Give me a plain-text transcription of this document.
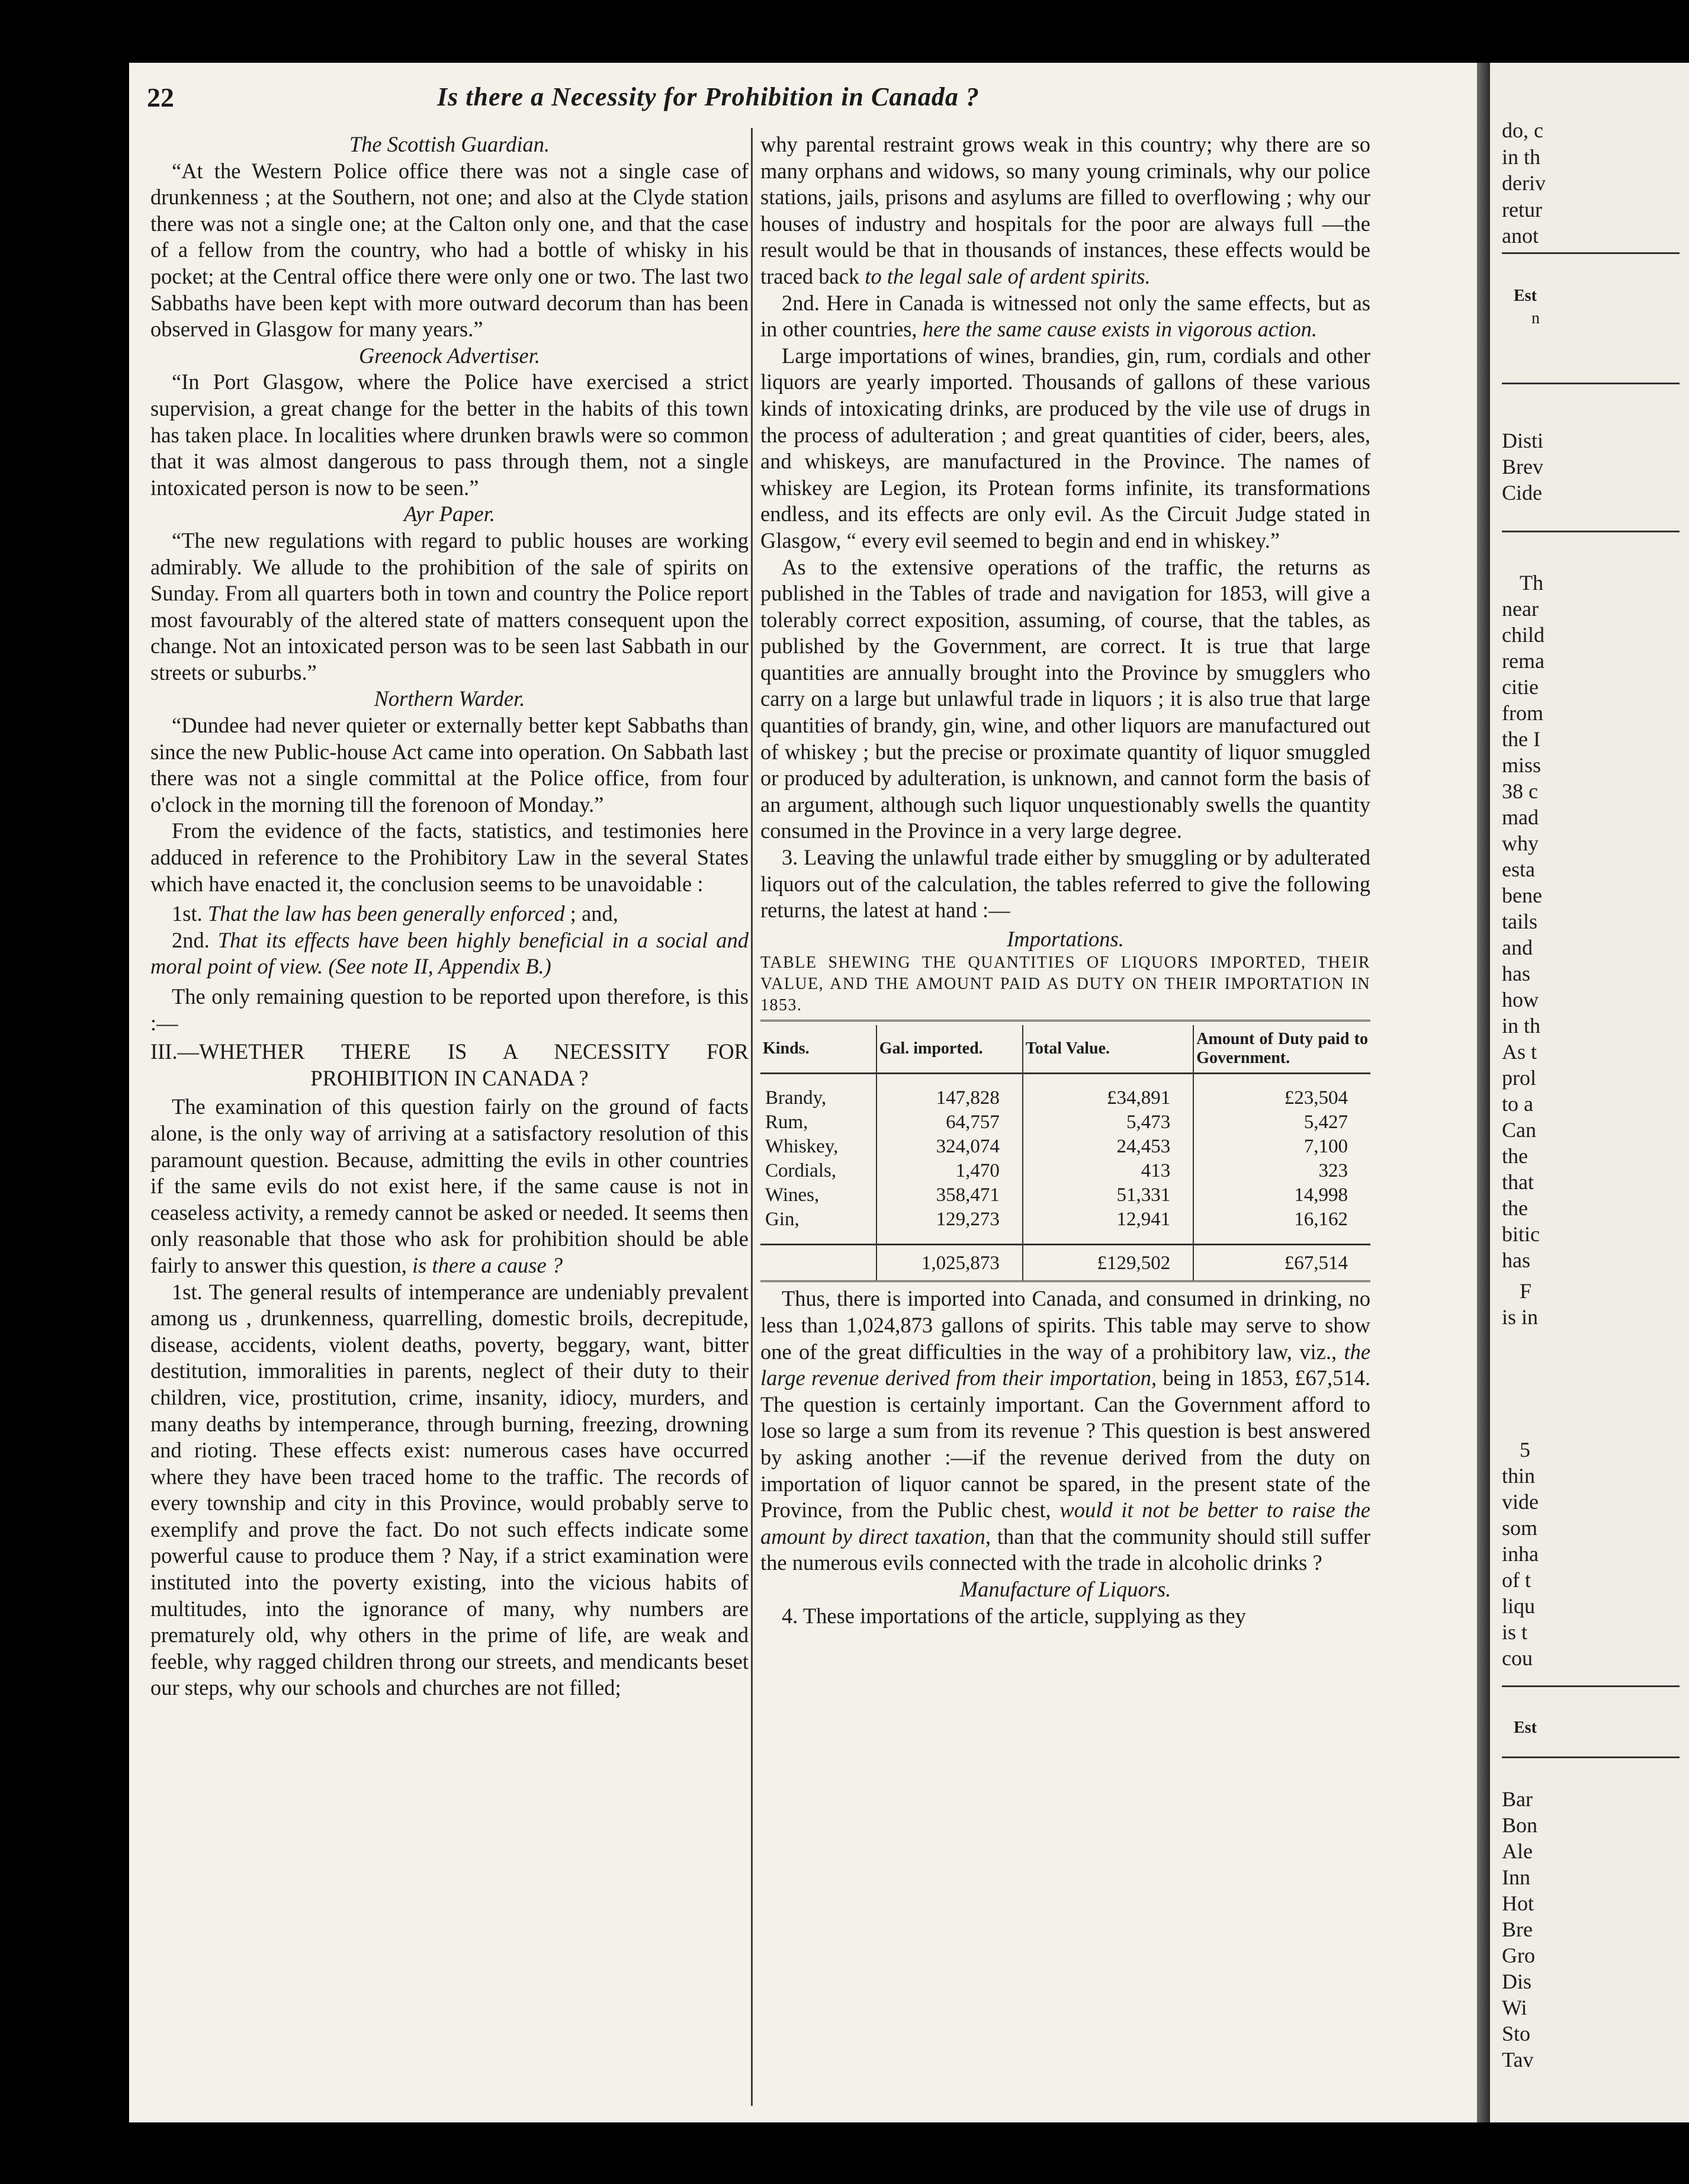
22	Is there a Necessity for Prohibition in Canada ?

The Scottish Guardian.

“At the Western Police office there was not a single case of drunkenness ; at the Southern, not one; and also at the Clyde station there was not a single one; at the Calton only one, and that the case of a fellow from the country, who had a bottle of whisky in his pocket; at the Central office there were only one or two. The last two Sabbaths have been kept with more outward decorum than has been observed in Glasgow for many years.”

Greenock Advertiser.

“In Port Glasgow, where the Police have exercised a strict supervision, a great change for the better in the habits of this town has taken place. In localities where drunken brawls were so common that it was almost dangerous to pass through them, not a single intoxicated person is now to be seen.”

Ayr Paper.

“The new regulations with regard to public houses are working admirably. We allude to the prohibition of the sale of spirits on Sunday. From all quarters both in town and country the Police report most favourably of the altered state of matters consequent upon the change. Not an intoxicated person was to be seen last Sabbath in our streets or suburbs.”

Northern Warder.

“Dundee had never quieter or externally better kept Sabbaths than since the new Public-house Act came into operation. On Sabbath last there was not a single committal at the Police office, from four o'clock in the morning till the forenoon of Monday.”

From the evidence of the facts, statistics, and testimonies here adduced in reference to the Prohibitory Law in the several States which have enacted it, the conclusion seems to be unavoidable :

1st. That the law has been generally enforced ; and,

2nd. That its effects have been highly beneficial in a social and moral point of view. (See note II, Appendix B.)

The only remaining question to be reported upon therefore, is this :—

III.—WHETHER THERE IS A NECESSITY FOR
PROHIBITION IN CANADA ?

The examination of this question fairly on the ground of facts alone, is the only way of arriving at a satisfactory resolution of this paramount question. Because, admitting the evils in other countries if the same evils do not exist here, if the same cause is not in ceaseless activity, a remedy cannot be asked or needed. It seems then only reasonable that those who ask for prohibition should be able fairly to answer this question, is there a cause ?

1st. The general results of intemperance are undeniably prevalent among us , drunkenness, quarrelling, domestic broils, decrepitude, disease, accidents, violent deaths, poverty, beggary, want, bitter destitution, immoralities in parents, neglect of their duty to their children, vice, prostitution, crime, insanity, idiocy, murders, and many deaths by intemperance, through burning, freezing, drowning and rioting. These effects exist: numerous cases have occurred where they have been traced home to the traffic. The records of every township and city in this Province, would probably serve to exemplify and prove the fact. Do not such effects indicate some powerful cause to produce them ? Nay, if a strict examination were instituted into the poverty existing, into the vicious habits of multitudes, into the ignorance of many, why numbers are prematurely old, why others in the prime of life, are weak and feeble, why ragged children throng our streets, and mendicants beset our steps, why our schools and churches are not filled;

why parental restraint grows weak in this country; why there are so many orphans and widows, so many young criminals, why our police stations, jails, prisons and asylums are filled to overflowing ; why our houses of industry and hospitals for the poor are always full —the result would be that in thousands of instances, these effects would be traced back to the legal sale of ardent spirits.

2nd. Here in Canada is witnessed not only the same effects, but as in other countries, here the same cause exists in vigorous action.

Large importations of wines, brandies, gin, rum, cordials and other liquors are yearly imported. Thousands of gallons of these various kinds of intoxicating drinks, are produced by the vile use of drugs in the process of adulteration ; and great quantities of cider, beers, ales, and whiskeys, are manufactured in the Province. The names of whiskey are Legion, its Protean forms infinite, its transformations endless, and its effects are only evil. As the Circuit Judge stated in Glasgow, “ every evil seemed to begin and end in whiskey.”

As to the extensive operations of the traffic, the returns as published in the Tables of trade and navigation for 1853, will give a tolerably correct exposition, assuming, of course, that the tables, as published by the Government, are correct. It is true that large quantities are annually brought into the Province by smugglers who carry on a large but unlawful trade in liquors ; it is also true that large quantities of brandy, gin, wine, and other liquors are manufactured out of whiskey ; but the precise or proximate quantity of liquor smuggled or produced by adulteration, is unknown, and cannot form the basis of an argument, although such liquor unquestionably swells the quantity consumed in the Province in a very large degree.

3. Leaving the unlawful trade either by smuggling or by adulterated liquors out of the calculation, the tables referred to give the following returns, the latest at hand :—

Importations.

TABLE SHEWING THE QUANTITIES OF LIQUORS IMPORTED, THEIR VALUE, AND THE AMOUNT PAID AS DUTY ON THEIR IMPORTATION IN 1853.

Kinds.	Gal. imported.	Total Value.	Amount of Duty paid to Government.

Brandy,	147,828	£34,891	£23,504
Rum,	64,757	5,473	5,427
Whiskey,	324,074	24,453	7,100
Cordials,	1,470	413	323
Wines,	358,471	51,331	14,998
Gin,	129,273	12,941	16,162

	1,025,873	£129,502	£67,514

Thus, there is imported into Canada, and consumed in drinking, no less than 1,024,873 gallons of spirits. This table may serve to show one of the great difficulties in the way of a prohibitory law, viz., the large revenue derived from their importation, being in 1853, £67,514. The question is certainly important. Can the Government afford to lose so large a sum from its revenue ? This question is best answered by asking another :—if the revenue derived from the duty on importation of liquor cannot be spared, in the present state of the Province, from the Public chest, would it not be better to raise the amount by direct taxation, than that the community should still suffer the numerous evils connected with the trade in alcoholic drinks ?

Manufacture of Liquors.

4. These importations of the article, supplying as they

do, c
in th
deriv
retur
anot
Est
n
Disti
Brev
Cide
Th
near
child
rema
citie
from
the I
miss
38 c
mad
why
esta
bene
tails
and
has
how
in th
As t
prol
to a
Can
the
that
the
bitic
has
F
is in
5
thin
vide
som
inha
of t
liqu
is t
cou
Est
Bar
Bon
Ale
Inn
Hot
Bre
Gro
Dis
Wi
Sto
Tav
